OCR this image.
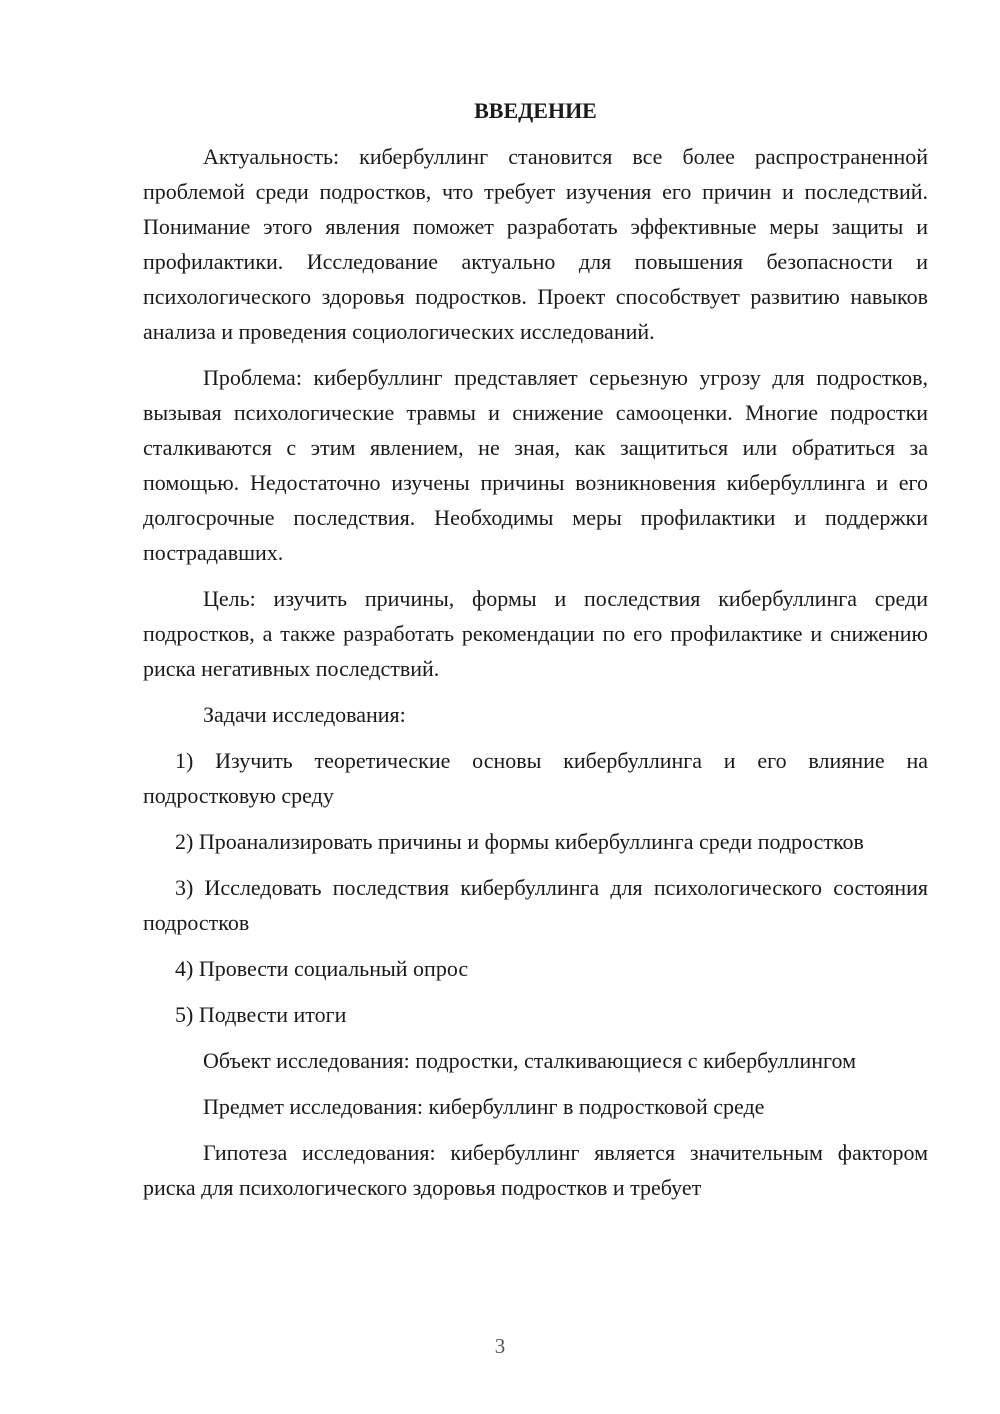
ВВЕДЕНИЕ

Актуальность: кибербуллинг становится все более распространенной проблемой среди подростков, что требует изучения его причин и последствий. Понимание этого явления поможет разработать эффективные меры защиты и профилактики. Исследование актуально для повышения безопасности и психологического здоровья подростков. Проект способствует развитию навыков анализа и проведения социологических исследований.

Проблема: кибербуллинг представляет серьезную угрозу для подростков, вызывая психологические травмы и снижение самооценки. Многие подростки сталкиваются с этим явлением, не зная, как защититься или обратиться за помощью. Недостаточно изучены причины возникновения кибербуллинга и его долгосрочные последствия. Необходимы меры профилактики и поддержки пострадавших.

Цель: изучить причины, формы и последствия кибербуллинга среди подростков, а также разработать рекомендации по его профилактике и снижению риска негативных последствий.

Задачи исследования:

1) Изучить теоретические основы кибербуллинга и его влияние на подростковую среду

2) Проанализировать причины и формы кибербуллинга среди подростков

3) Исследовать последствия кибербуллинга для психологического состояния подростков

4) Провести социальный опрос

5) Подвести итоги

Объект исследования: подростки, сталкивающиеся с кибербуллингом

Предмет исследования: кибербуллинг в подростковой среде

Гипотеза исследования: кибербуллинг является значительным фактором риска для психологического здоровья подростков и требует

3
